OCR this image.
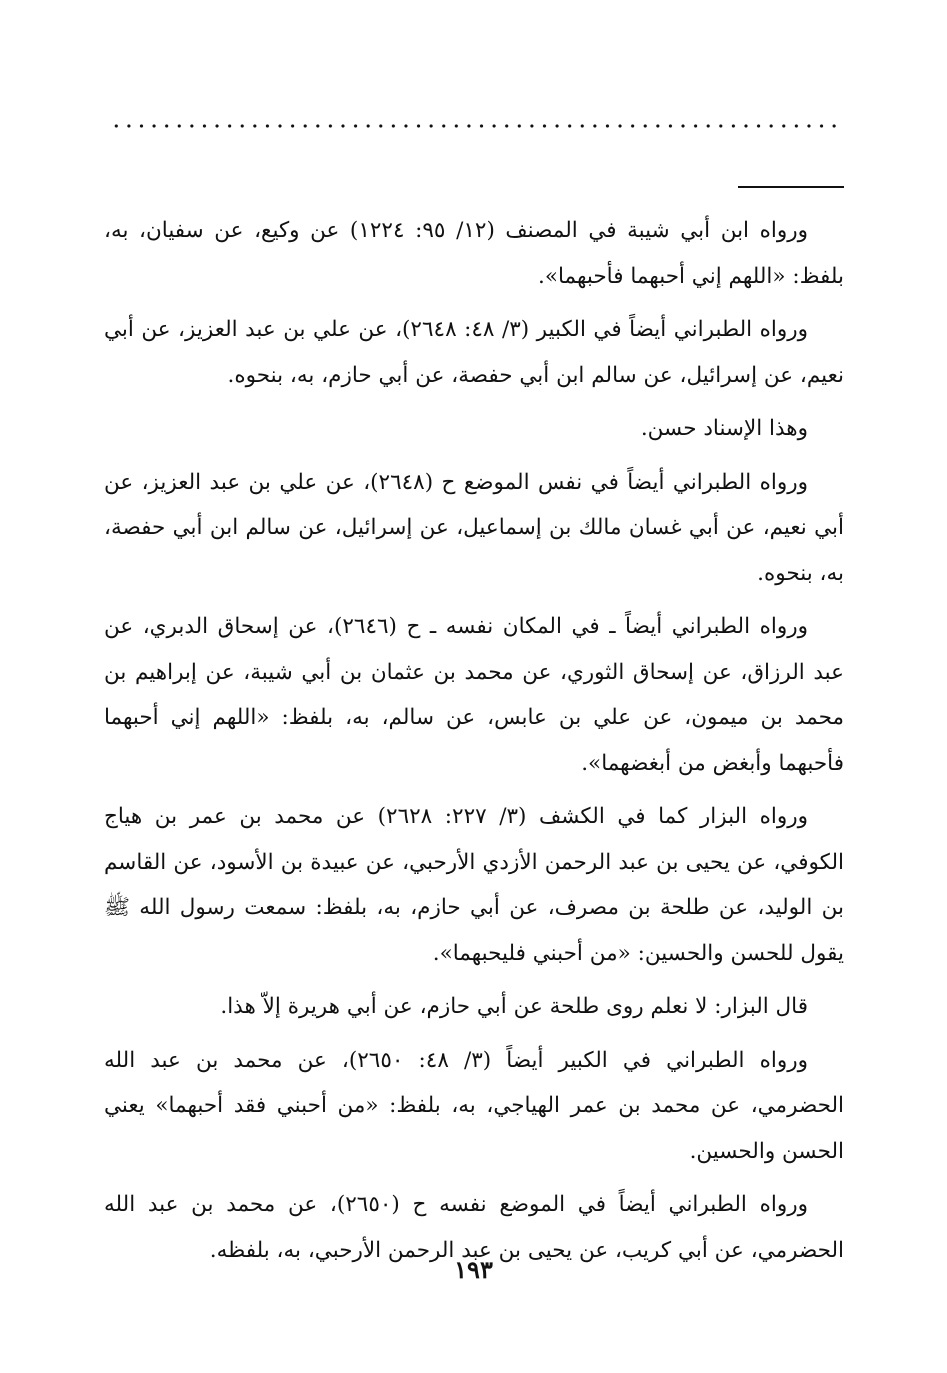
ورواه ابن أبي شيبة في المصنف (١٢/ ٩٥: ١٢٢٤) عن وكيع، عن سفيان، به، بلفظ: «اللهم إني أحبهما فأحبهما».

ورواه الطبراني أيضاً في الكبير (٣/ ٤٨: ٢٦٤٨)، عن علي بن عبد العزيز، عن أبي نعيم، عن إسرائيل، عن سالم ابن أبي حفصة، عن أبي حازم، به، بنحوه.

وهذا الإسناد حسن.

ورواه الطبراني أيضاً في نفس الموضع ح (٢٦٤٨)، عن علي بن عبد العزيز، عن أبي نعيم، عن أبي غسان مالك بن إسماعيل، عن إسرائيل، عن سالم ابن أبي حفصة، به، بنحوه.

ورواه الطبراني أيضاً ـ في المكان نفسه ـ ح (٢٦٤٦)، عن إسحاق الدبري، عن عبد الرزاق، عن إسحاق الثوري، عن محمد بن عثمان بن أبي شيبة، عن إبراهيم بن محمد بن ميمون، عن علي بن عابس، عن سالم، به، بلفظ: «اللهم إني أحبهما فأحبهما وأبغض من أبغضهما».

ورواه البزار كما في الكشف (٣/ ٢٢٧: ٢٦٢٨) عن محمد بن عمر بن هياج الكوفي، عن يحيى بن عبد الرحمن الأزدي الأرحبي، عن عبيدة بن الأسود، عن القاسم بن الوليد، عن طلحة بن مصرف، عن أبي حازم، به، بلفظ: سمعت رسول الله ﷺ يقول للحسن والحسين: «من أحبني فليحبهما».

قال البزار: لا نعلم روى طلحة عن أبي حازم، عن أبي هريرة إلاّ هذا.

ورواه الطبراني في الكبير أيضاً (٣/ ٤٨: ٢٦٥٠)، عن محمد بن عبد الله الحضرمي، عن محمد بن عمر الهياجي، به، بلفظ: «من أحبني فقد أحبهما» يعني الحسن والحسين.

ورواه الطبراني أيضاً في الموضع نفسه ح (٢٦٥٠)، عن محمد بن عبد الله الحضرمي، عن أبي كريب، عن يحيى بن عبد الرحمن الأرحبي، به، بلفظه.

١٩٣
